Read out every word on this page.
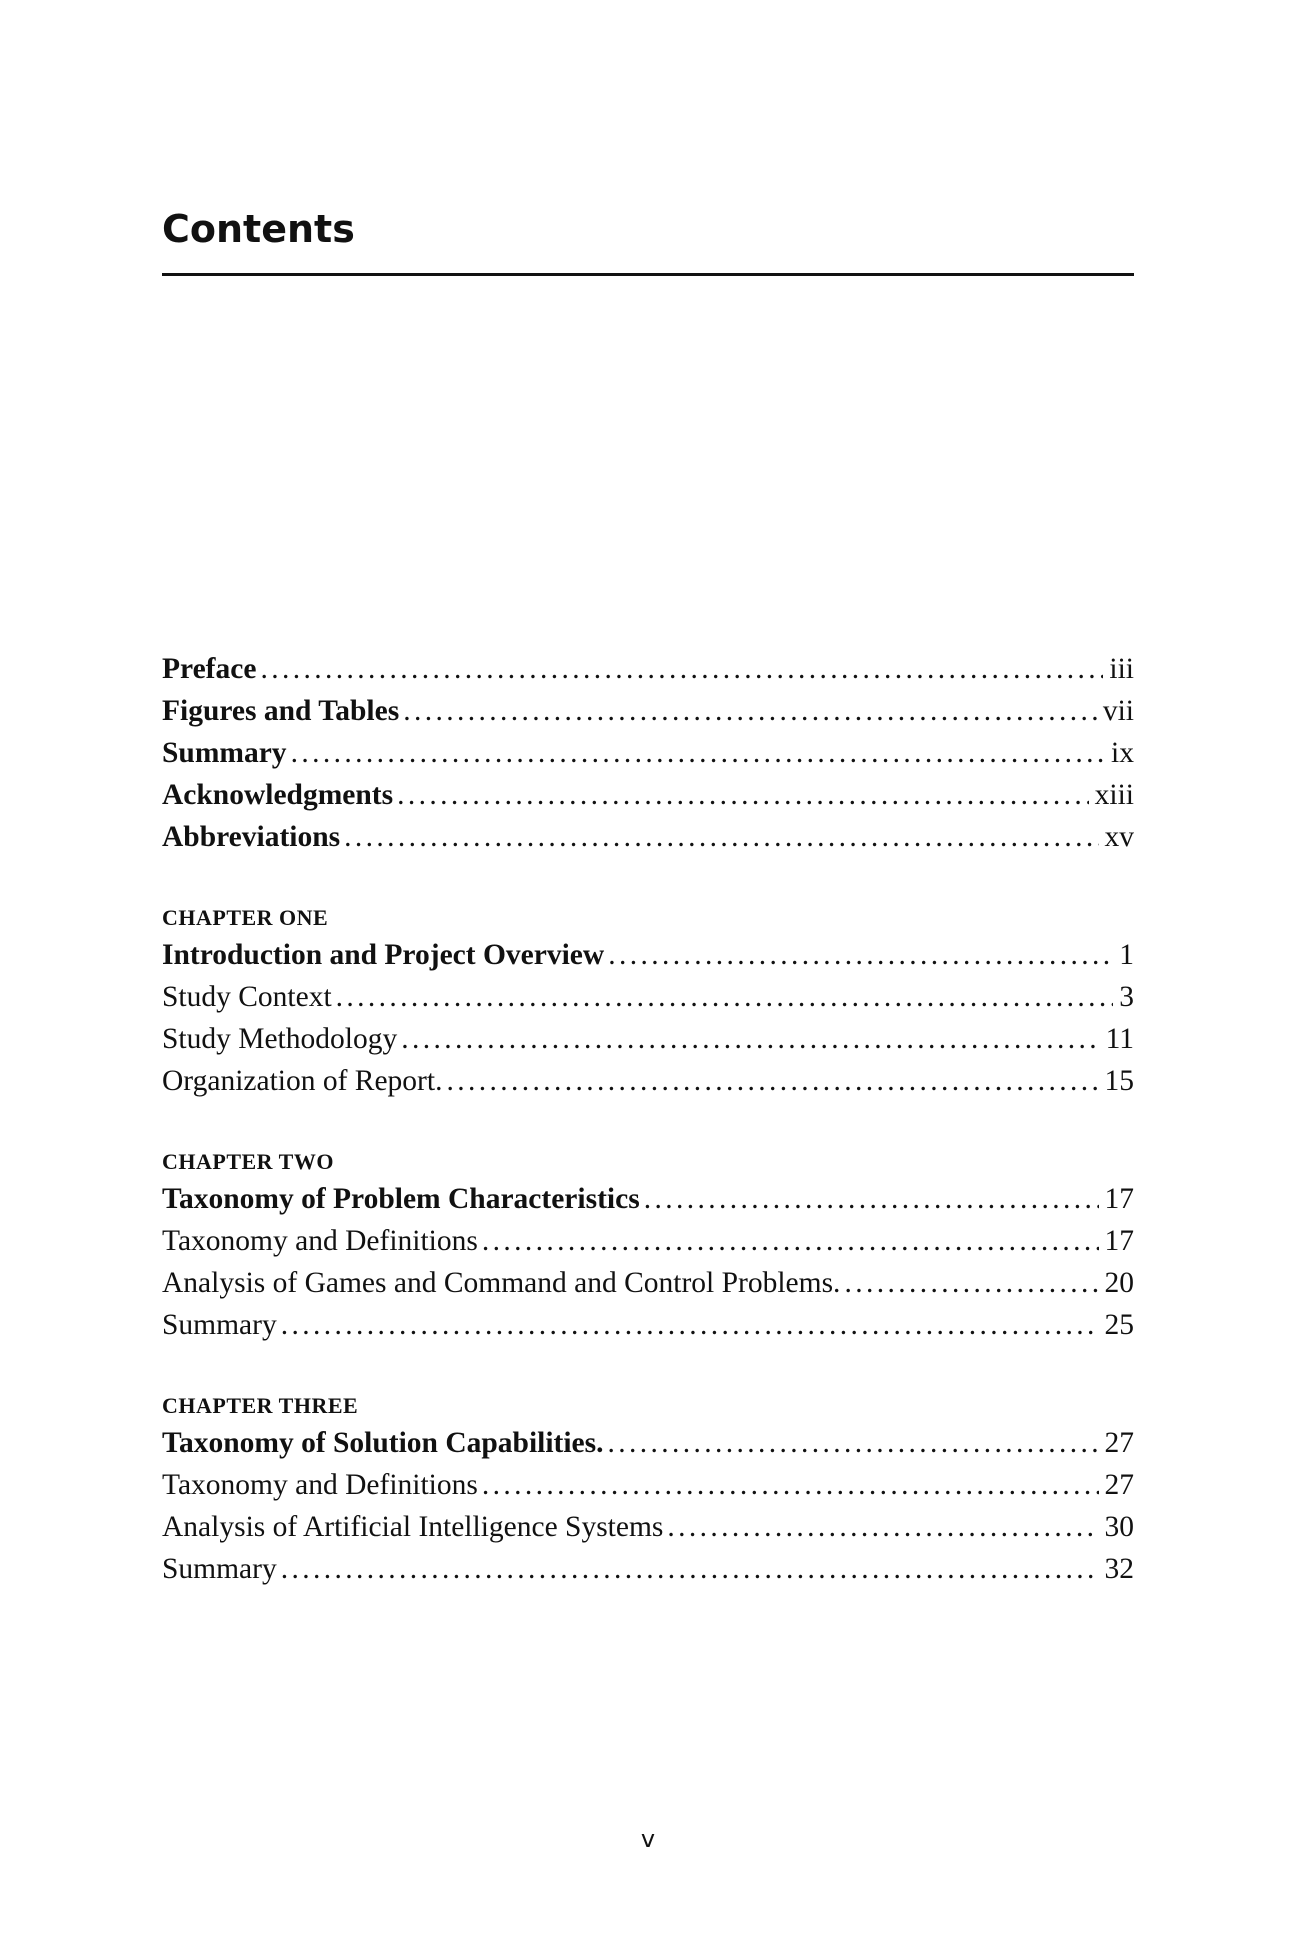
Contents
Preface . . .	iii
Figures and Tables . . .	vii
Summary . . .	ix
Acknowledgments . . .	xiii
Abbreviations . . .	xv
CHAPTER ONE
Introduction and Project Overview . . .	1
Study Context . . .	3
Study Methodology . . .	11
Organization of Report. . . .	15
CHAPTER TWO
Taxonomy of Problem Characteristics . . .	17
Taxonomy and Definitions . . .	17
Analysis of Games and Command and Control Problems. . . .	20
Summary . . .	25
CHAPTER THREE
Taxonomy of Solution Capabilities. . . .	27
Taxonomy and Definitions . . .	27
Analysis of Artificial Intelligence Systems . . .	30
Summary . . .	32
v
